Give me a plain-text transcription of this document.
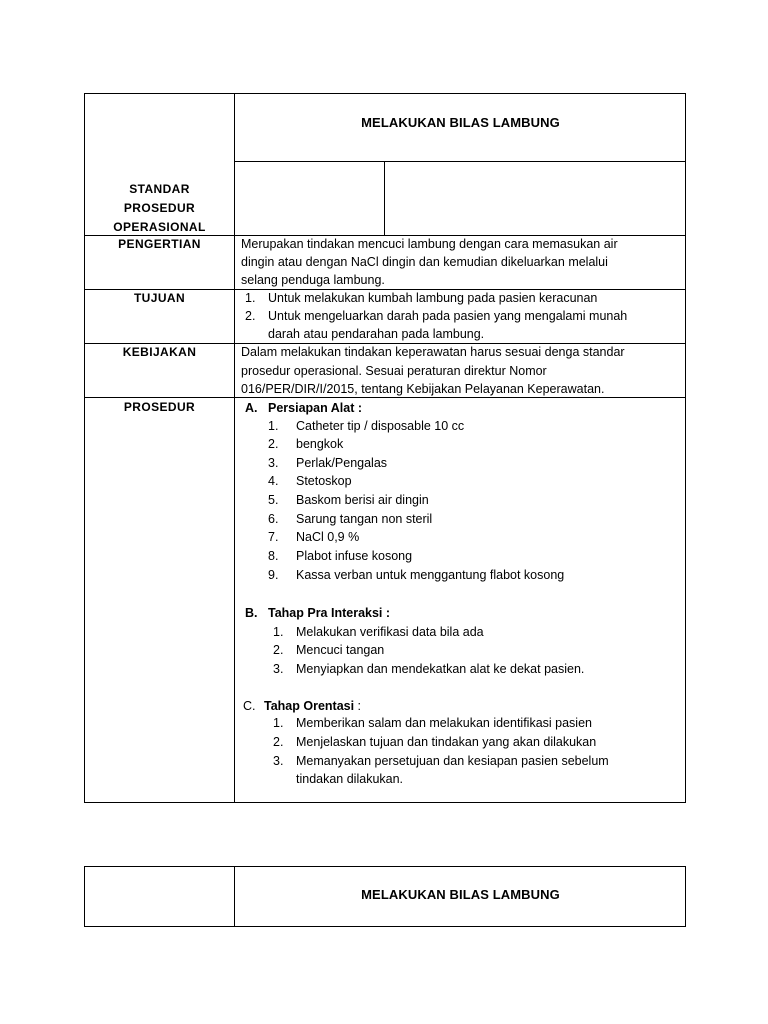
MELAKUKAN BILAS LAMBUNG
STANDAR
PROSEDUR
OPERASIONAL
PENGERTIAN	Merupakan tindakan mencuci lambung dengan cara memasukan air
dingin atau dengan NaCl dingin dan kemudian dikeluarkan melalui
selang penduga lambung.
TUJUAN	1. Untuk melakukan kumbah lambung pada pasien keracunan
2. Untuk mengeluarkan darah pada pasien yang mengalami munah
darah atau pendarahan pada lambung.
KEBIJAKAN	Dalam melakukan tindakan keperawatan harus sesuai denga standar
prosedur operasional. Sesuai peraturan direktur Nomor
016/PER/DIR/I/2015, tentang Kebijakan Pelayanan Keperawatan.
PROSEDUR	A. Persiapan Alat :
1. Catheter tip / disposable 10 cc
2. bengkok
3. Perlak/Pengalas
4. Stetoskop
5. Baskom berisi air dingin
6. Sarung tangan non steril
7. NaCl 0,9 %
8. Plabot infuse kosong
9. Kassa verban untuk menggantung flabot kosong
B. Tahap Pra Interaksi :
1. Melakukan verifikasi data bila ada
2. Mencuci tangan
3. Menyiapkan dan mendekatkan alat ke dekat pasien.
C. Tahap Orentasi :
1. Memberikan salam dan melakukan identifikasi pasien
2. Menjelaskan tujuan dan tindakan yang akan dilakukan
3. Memanyakan persetujuan dan kesiapan pasien sebelum
tindakan dilakukan.
MELAKUKAN BILAS LAMBUNG
